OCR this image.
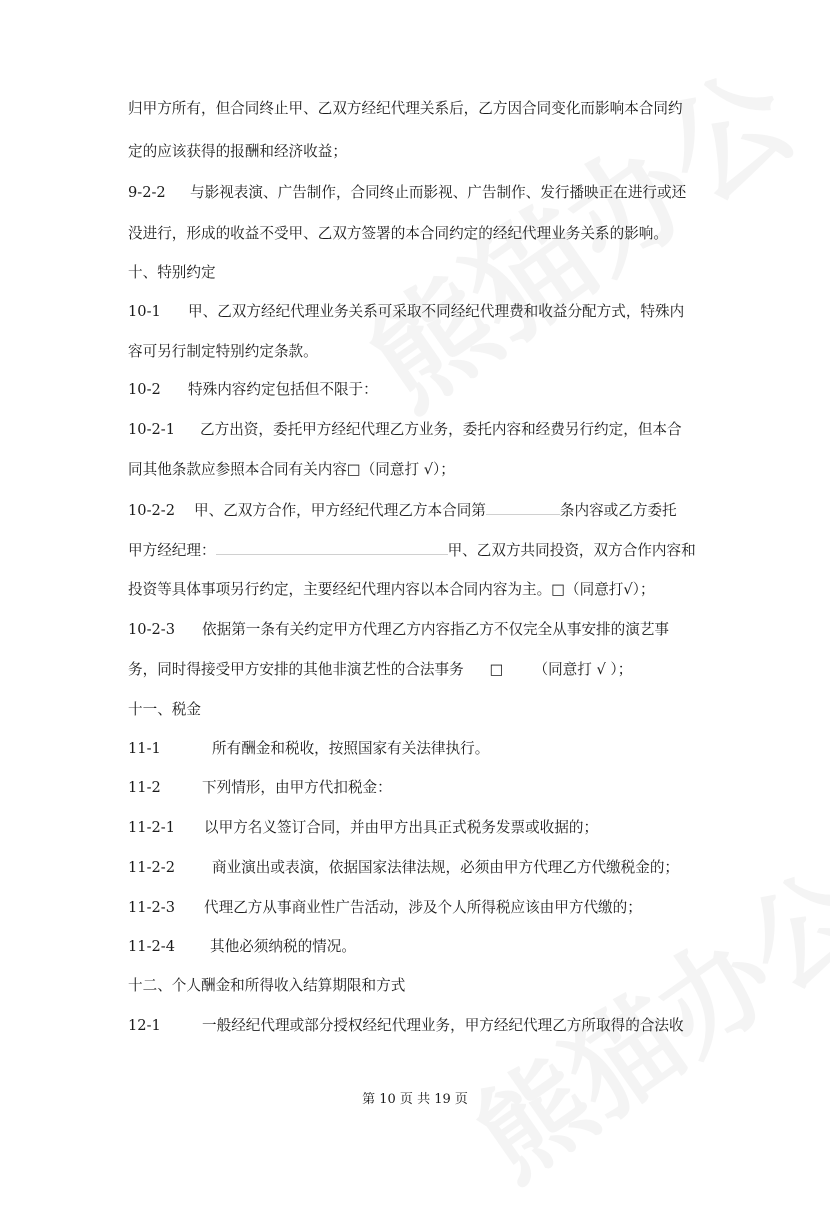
归甲方所有，但合同终止甲、乙双方经纪代理关系后，乙方因合同变化而影响本合同约
定的应该获得的报酬和经济收益；
9-2-2 与影视表演、广告制作，合同终止而影视、广告制作、发行播映正在进行或还
没进行，形成的收益不受甲、乙双方签署的本合同约定的经纪代理业务关系的影响。
十、特别约定
10-1 甲、乙双方经纪代理业务关系可采取不同经纪代理费和收益分配方式，特殊内
容可另行制定特别约定条款。
10-2 特殊内容约定包括但不限于：
10-2-1 乙方出资，委托甲方经纪代理乙方业务，委托内容和经费另行约定，但本合
同其他条款应参照本合同有关内容□（同意打 √）；
10-2-2 甲、乙双方合作，甲方经纪代理乙方本合同第	条内容或乙方委托
甲方经纪理：	甲、乙双方共同投资，双方合作内容和
投资等具体事项另行约定，主要经纪代理内容以本合同内容为主。□（同意打√）；
10-2-3 依据第一条有关约定甲方代理乙方内容指乙方不仅完全从事安排的演艺事
务，同时得接受甲方安排的其他非演艺性的合法事务 □ （同意打 √ ）；
十一、税金
11-1	所有酬金和税收，按照国家有关法律执行。
11-2	下列情形，由甲方代扣税金：
11-2-1 以甲方名义签订合同，并由甲方出具正式税务发票或收据的；
11-2-2	商业演出或表演，依据国家法律法规，必须由甲方代理乙方代缴税金的；
11-2-3 代理乙方从事商业性广告活动，涉及个人所得税应该由甲方代缴的；
11-2-4 其他必须纳税的情况。
十二、个人酬金和所得收入结算期限和方式
12-1	一般经纪代理或部分授权经纪代理业务，甲方经纪代理乙方所取得的合法收
第 10 页 共 19 页
